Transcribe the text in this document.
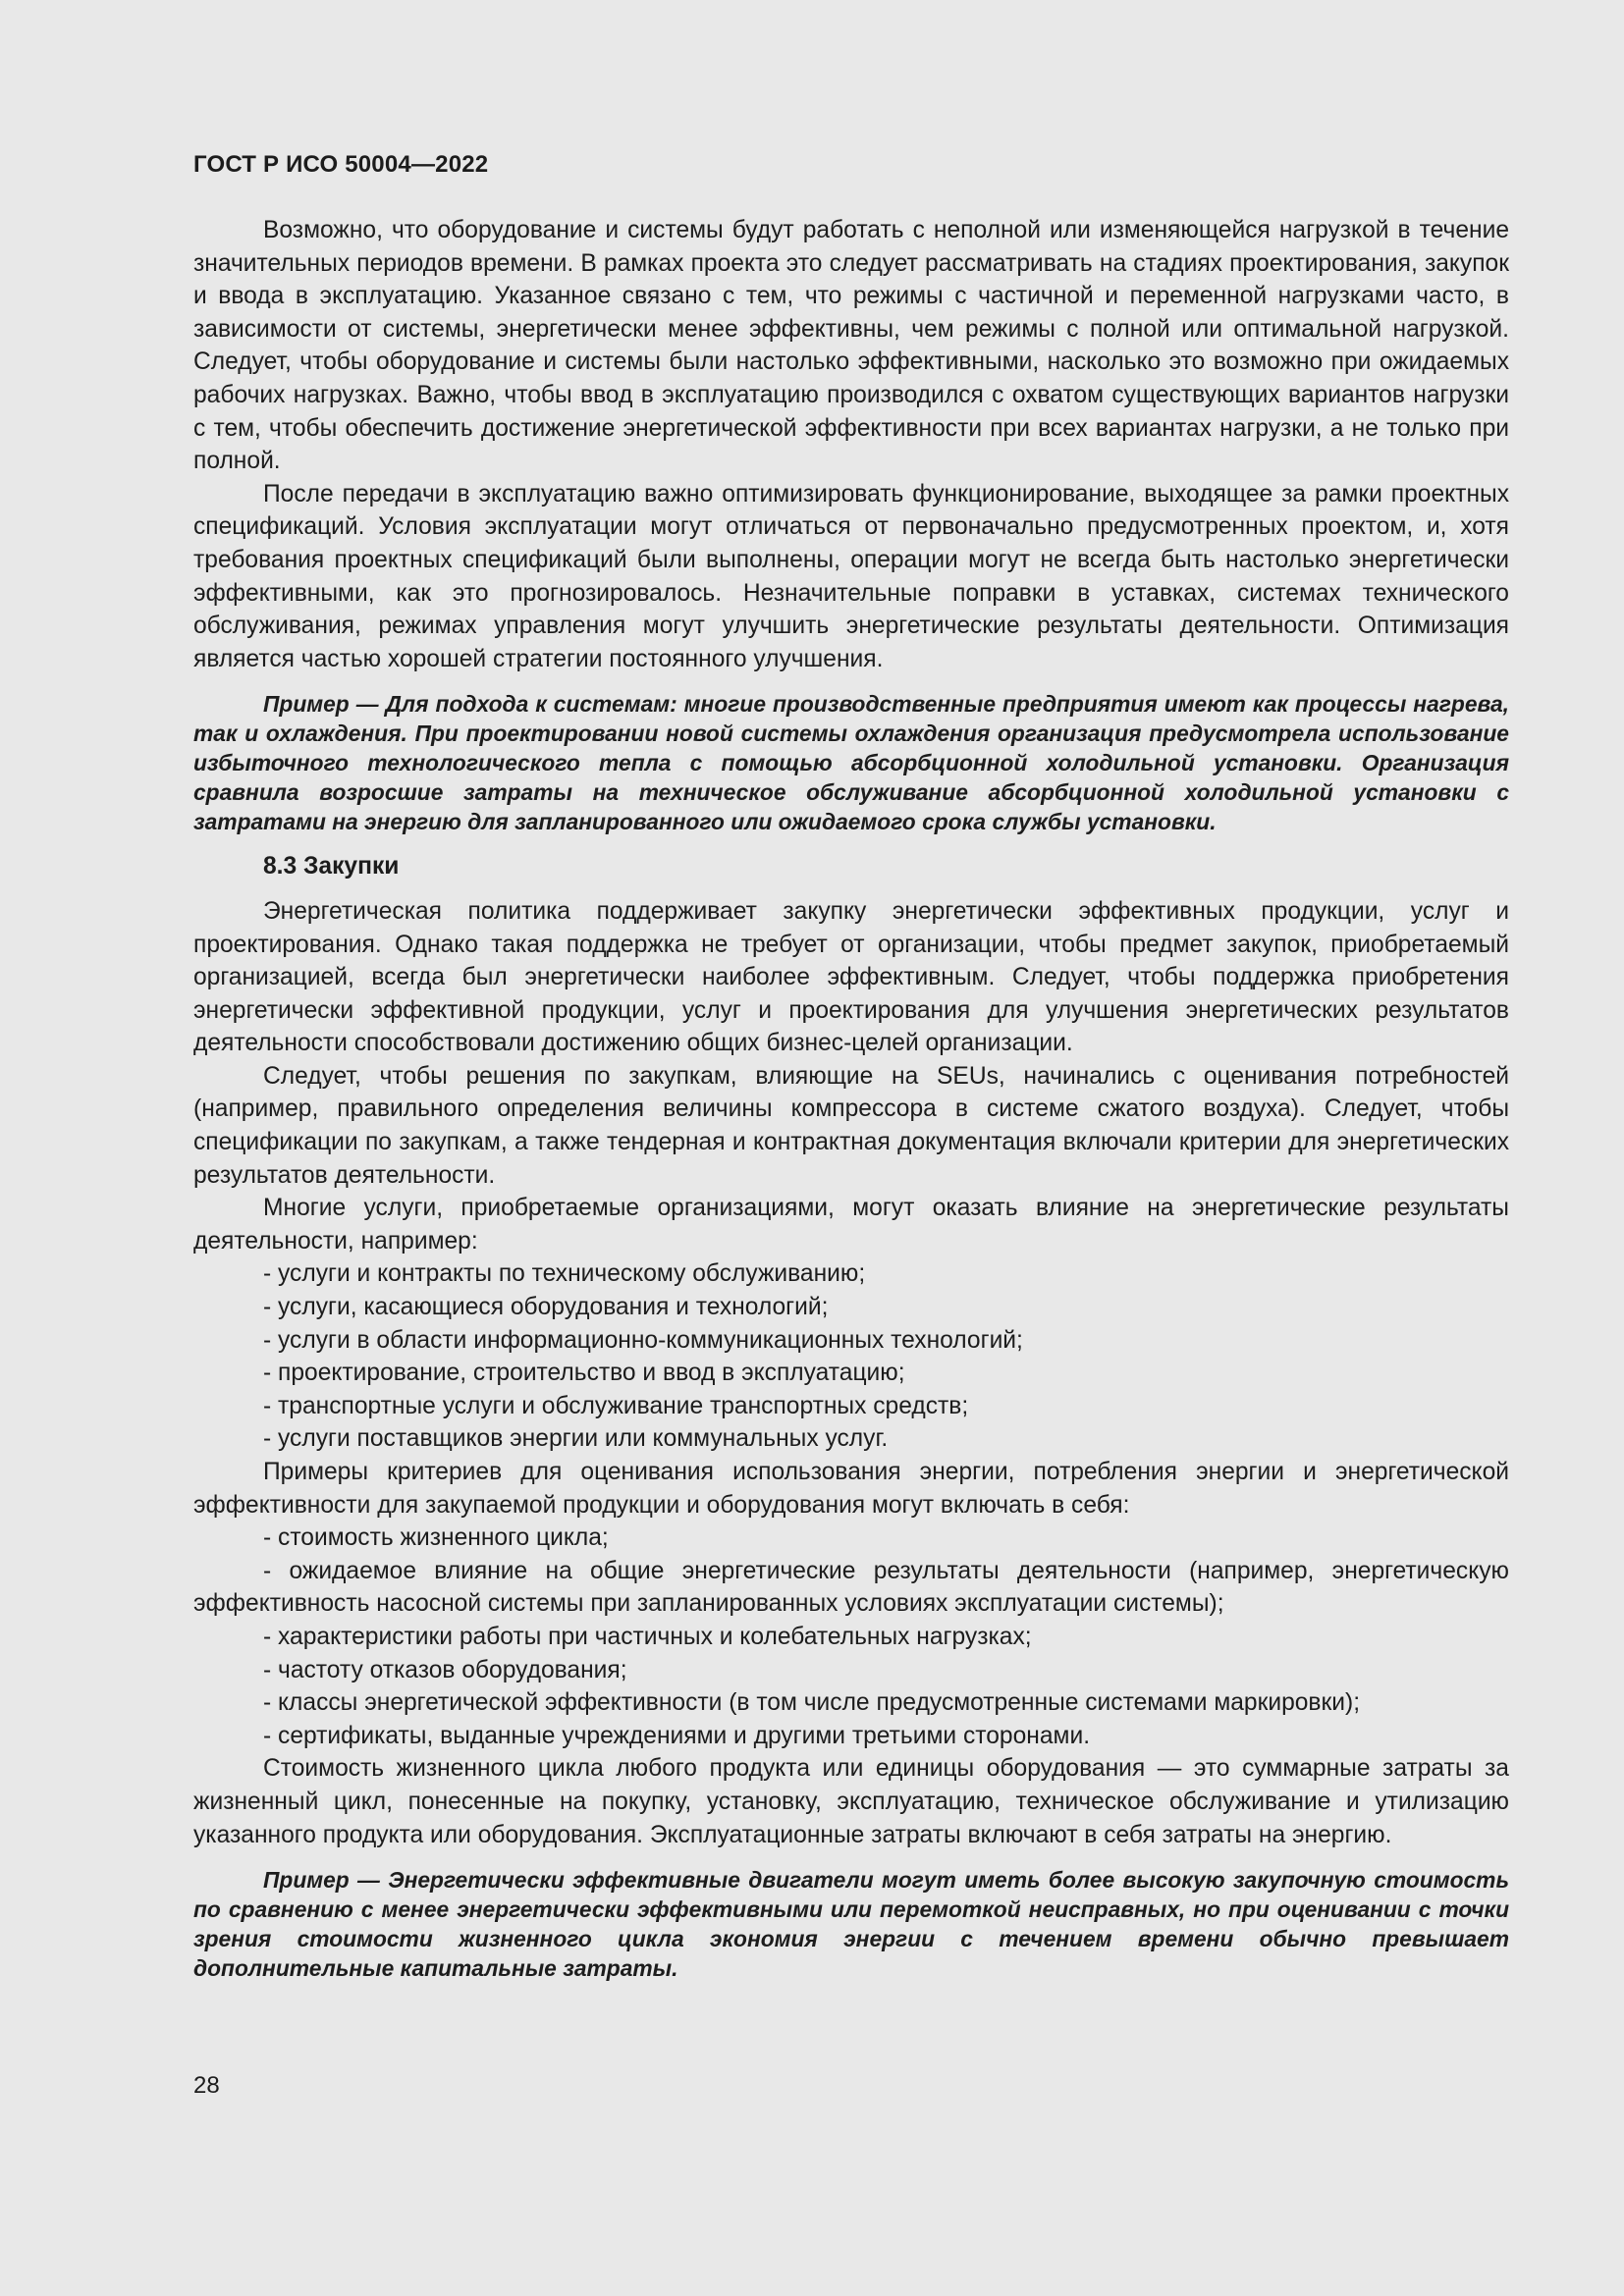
ГОСТ Р ИСО 50004—2022

Возможно, что оборудование и системы будут работать с неполной или изменяющейся нагрузкой в течение значительных периодов времени. В рамках проекта это следует рассматривать на стадиях проектирования, закупок и ввода в эксплуатацию. Указанное связано с тем, что режимы с частичной и переменной нагрузками часто, в зависимости от системы, энергетически менее эффективны, чем режимы с полной или оптимальной нагрузкой. Следует, чтобы оборудование и системы были настолько эффективными, насколько это возможно при ожидаемых рабочих нагрузках. Важно, чтобы ввод в эксплуатацию производился с охватом существующих вариантов нагрузки с тем, чтобы обеспечить достижение энергетической эффективности при всех вариантах нагрузки, а не только при полной.

После передачи в эксплуатацию важно оптимизировать функционирование, выходящее за рамки проектных спецификаций. Условия эксплуатации могут отличаться от первоначально предусмотренных проектом, и, хотя требования проектных спецификаций были выполнены, операции могут не всегда быть настолько энергетически эффективными, как это прогнозировалось. Незначительные поправки в уставках, системах технического обслуживания, режимах управления могут улучшить энергетические результаты деятельности. Оптимизация является частью хорошей стратегии постоянного улучшения.

Пример — Для подхода к системам: многие производственные предприятия имеют как процессы нагрева, так и охлаждения. При проектировании новой системы охлаждения организация предусмотрела использование избыточного технологического тепла с помощью абсорбционной холодильной установки. Организация сравнила возросшие затраты на техническое обслуживание абсорбционной холодильной установки с затратами на энергию для запланированного или ожидаемого срока службы установки.
8.3 Закупки

Энергетическая политика поддерживает закупку энергетически эффективных продукции, услуг и проектирования. Однако такая поддержка не требует от организации, чтобы предмет закупок, приобретаемый организацией, всегда был энергетически наиболее эффективным. Следует, чтобы поддержка приобретения энергетически эффективной продукции, услуг и проектирования для улучшения энергетических результатов деятельности способствовали достижению общих бизнес-целей организации.

Следует, чтобы решения по закупкам, влияющие на SEUs, начинались с оценивания потребностей (например, правильного определения величины компрессора в системе сжатого воздуха). Следует, чтобы спецификации по закупкам, а также тендерная и контрактная документация включали критерии для энергетических результатов деятельности.

Многие услуги, приобретаемые организациями, могут оказать влияние на энергетические результаты деятельности, например:

- услуги и контракты по техническому обслуживанию;

- услуги, касающиеся оборудования и технологий;

- услуги в области информационно-коммуникационных технологий;

- проектирование, строительство и ввод в эксплуатацию;

- транспортные услуги и обслуживание транспортных средств;

- услуги поставщиков энергии или коммунальных услуг.

Примеры критериев для оценивания использования энергии, потребления энергии и энергетической эффективности для закупаемой продукции и оборудования могут включать в себя:

- стоимость жизненного цикла;

- ожидаемое влияние на общие энергетические результаты деятельности (например, энергетическую эффективность насосной системы при запланированных условиях эксплуатации системы);

- характеристики работы при частичных и колебательных нагрузках;

- частоту отказов оборудования;

- классы энергетической эффективности (в том числе предусмотренные системами маркировки);

- сертификаты, выданные учреждениями и другими третьими сторонами.

Стоимость жизненного цикла любого продукта или единицы оборудования — это суммарные затраты за жизненный цикл, понесенные на покупку, установку, эксплуатацию, техническое обслуживание и утилизацию указанного продукта или оборудования. Эксплуатационные затраты включают в себя затраты на энергию.

Пример — Энергетически эффективные двигатели могут иметь более высокую закупочную стоимость по сравнению с менее энергетически эффективными или перемоткой неисправных, но при оценивании с точки зрения стоимости жизненного цикла экономия энергии с течением времени обычно превышает дополнительные капитальные затраты.
28
